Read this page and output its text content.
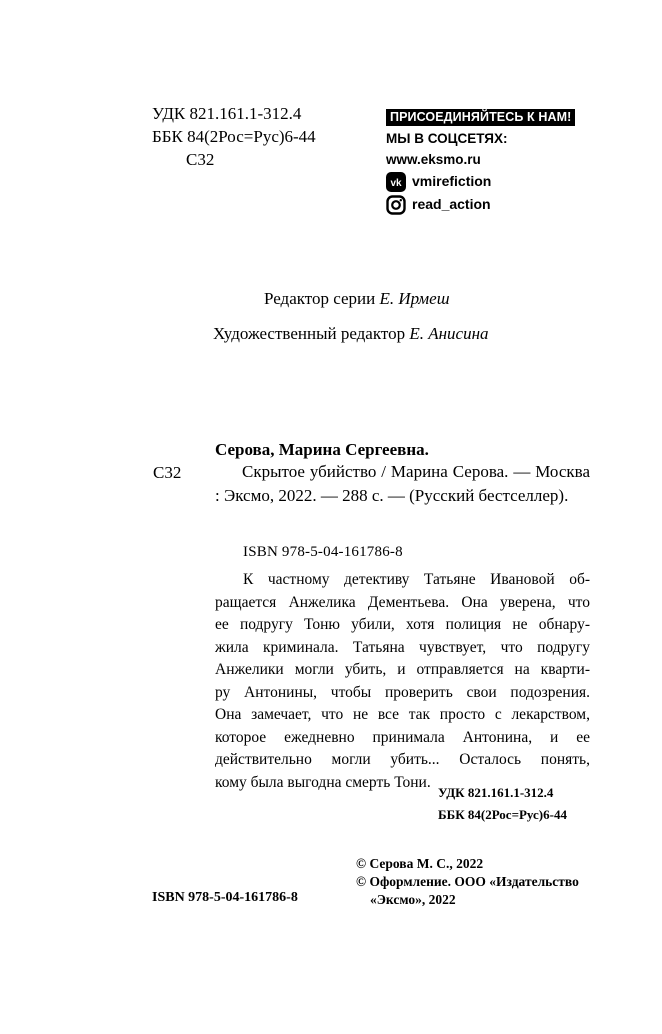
УДК 821.161.1-312.4
ББК 84(2Рос=Рус)6-44
С32
ПРИСОЕДИНЯЙТЕСЬ К НАМ!
МЫ В СОЦСЕТЯХ:
www.eksmo.ru
vk vmirefiction
read_action
Редактор серии Е. Ирмеш
Художественный редактор Е. Анисина
Серова, Марина Сергеевна.
С32	Скрытое убийство / Марина Серова. — Москва : Эксмо, 2022. — 288 с. — (Русский бестселлер).
ISBN 978-5-04-161786-8
К частному детективу Татьяне Ивановой об-
ращается Анжелика Дементьева. Она уверена, что
ее подругу Тоню убили, хотя полиция не обнару-
жила криминала. Татьяна чувствует, что подругу
Анжелики могли убить, и отправляется на кварти-
ру Антонины, чтобы проверить свои подозрения.
Она замечает, что не все так просто с лекарством,
которое ежедневно принимала Антонина, и ее
действительно могли убить... Осталось понять,
кому была выгодна смерть Тони.
УДК 821.161.1-312.4
ББК 84(2Рос=Рус)6-44
ISBN 978-5-04-161786-8
© Серова М. С., 2022
© Оформление. ООО «Издательство
«Эксмо», 2022
